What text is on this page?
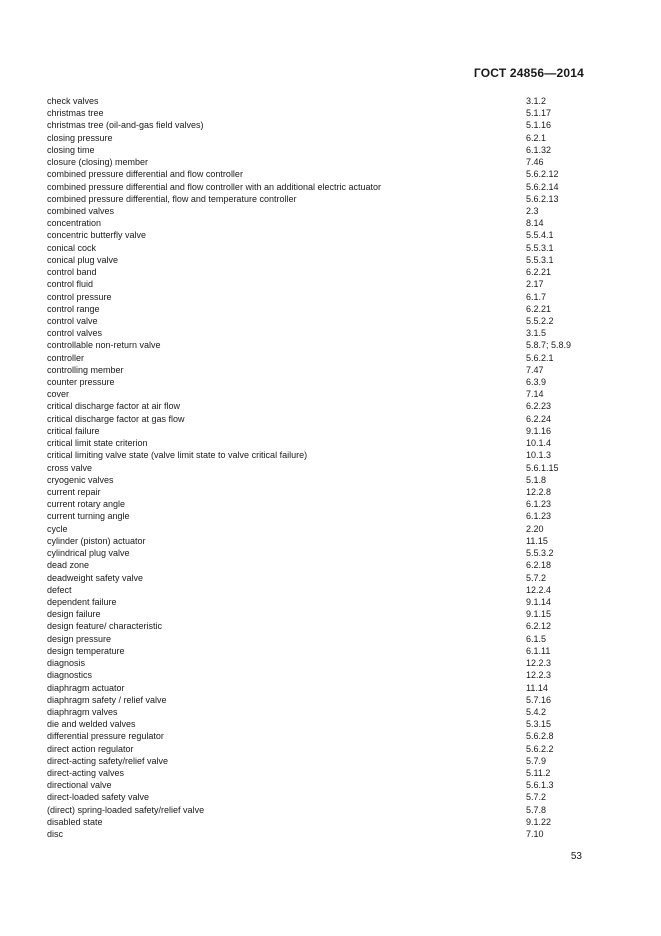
ГОСТ 24856—2014
check valves	3.1.2
christmas tree	5.1.17
christmas tree (oil-and-gas field valves)	5.1.16
closing pressure	6.2.1
closing time	6.1.32
closure (closing) member	7.46
combined pressure differential and flow controller	5.6.2.12
combined pressure differential and flow controller with an additional electric actuator	5.6.2.14
combined pressure differential, flow and temperature controller	5.6.2.13
combined valves	2.3
concentration	8.14
concentric butterfly valve	5.5.4.1
conical cock	5.5.3.1
conical plug valve	5.5.3.1
control band	6.2.21
control fluid	2.17
control pressure	6.1.7
control range	6.2.21
control valve	5.5.2.2
control valves	3.1.5
controllable non-return valve	5.8.7; 5.8.9
controller	5.6.2.1
controlling member	7.47
counter pressure	6.3.9
cover	7.14
critical discharge factor at air flow	6.2.23
critical discharge factor at gas flow	6.2.24
critical failure	9.1.16
critical limit state criterion	10.1.4
critical limiting valve state (valve limit state to valve critical failure)	10.1.3
cross valve	5.6.1.15
cryogenic valves	5.1.8
current repair	12.2.8
current rotary angle	6.1.23
current turning angle	6.1.23
cycle	2.20
cylinder (piston) actuator	11.15
cylindrical plug valve	5.5.3.2
dead zone	6.2.18
deadweight safety valve	5.7.2
defect	12.2.4
dependent failure	9.1.14
design failure	9.1.15
design feature/ characteristic	6.2.12
design pressure	6.1.5
design temperature	6.1.11
diagnosis	12.2.3
diagnostics	12.2.3
diaphragm actuator	11.14
diaphragm safety / relief valve	5.7.16
diaphragm valves	5.4.2
die and welded valves	5.3.15
differential pressure regulator	5.6.2.8
direct action regulator	5.6.2.2
direct-acting safety/relief valve	5.7.9
direct-acting valves	5.11.2
directional valve	5.6.1.3
direct-loaded safety valve	5.7.2
(direct) spring-loaded safety/relief valve	5.7.8
disabled state	9.1.22
disc	7.10
53
